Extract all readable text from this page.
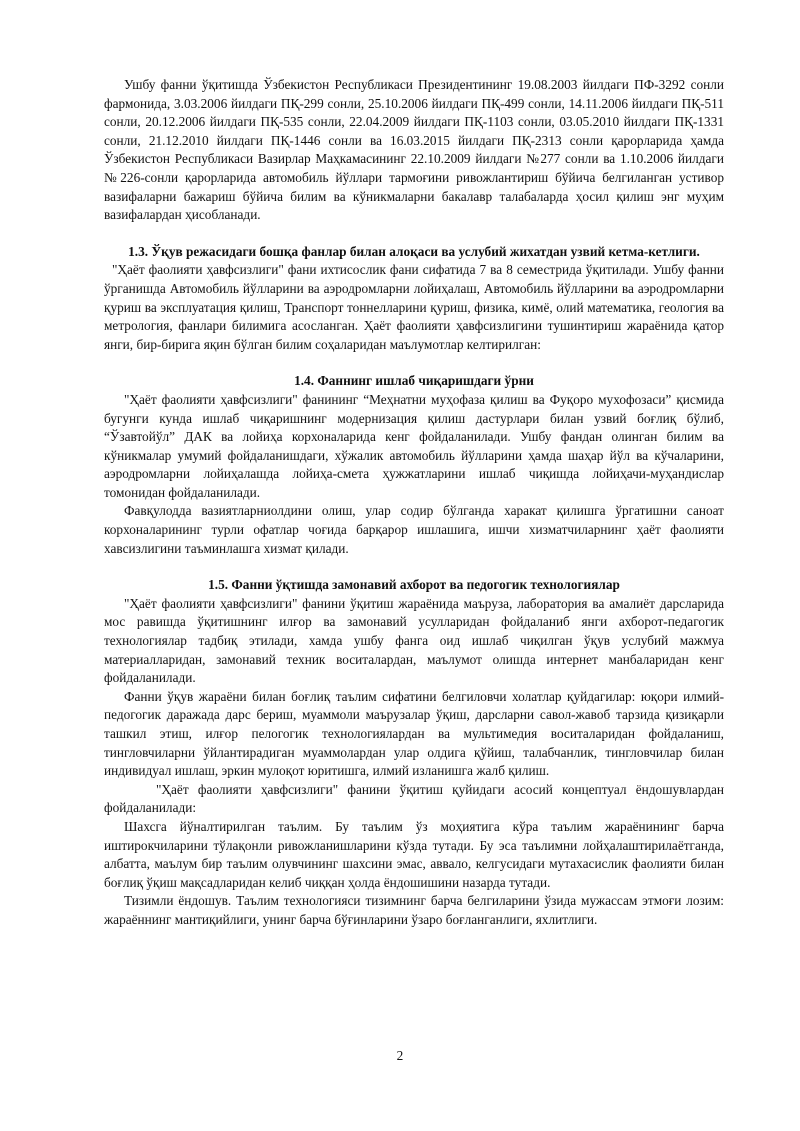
Ушбу фанни ўқитишда Ўзбекистон Республикаси Президентининг 19.08.2003 йилдаги ПФ-3292 сонли фармонида, 3.03.2006 йилдаги ПҚ-299 сонли, 25.10.2006 йилдаги ПҚ-499 сонли, 14.11.2006 йилдаги ПҚ-511 сонли, 20.12.2006 йилдаги ПҚ-535 сонли, 22.04.2009 йилдаги ПҚ-1103 сонли, 03.05.2010 йилдаги ПҚ-1331 сонли, 21.12.2010 йилдаги ПҚ-1446 сонли ва 16.03.2015 йилдаги ПҚ-2313 сонли қарорларида ҳамда Ўзбекистон Республикаси Вазирлар Маҳкамасининг 22.10.2009 йилдаги №277 сонли ва 1.10.2006 йилдаги №226-сонли қарорларида автомобиль йўллари тармоғини ривожлантириш бўйича белгиланган устивор вазифаларни бажариш бўйича билим ва кўникмаларни бакалавр талабаларда ҳосил қилиш энг муҳим вазифалардан ҳисобланади.

1.3. Ўқув режасидаги бошқа фанлар билан алоқаси ва услубий жихатдан узвий кетма-кетлиги.

"Ҳаёт фаолияти ҳавфсизлиги" фани ихтисослик фани сифатида 7 ва 8 семестрида ўқитилади. Ушбу фанни ўрганишда Автомобиль йўлларини ва аэродромларни лойиҳалаш, Автомобиль йўлларини ва аэродромларни қуриш ва эксплуатация қилиш, Транспорт тоннелларини қуриш, физика, кимё, олий математика, геология ва метрология, фанлари билимига асосланган. Ҳаёт фаолияти ҳавфсизлигини тушинтириш жараёнида қатор янги, бир-бирига яқин бўлган билим соҳаларидан маълумотлар келтирилган:

1.4. Фаннинг ишлаб чиқаришдаги ўрни

"Ҳаёт фаолияти ҳавфсизлиги" фанининг “Меҳнатни муҳофаза қилиш ва Фуқоро мухофозаси” қисмида бугунги кунда ишлаб чиқаришнинг модернизация қилиш дастурлари билан узвий боғлиқ бўлиб, “Ўзавтойўл” ДАК ва лойиҳа корхоналарида кенг фойдаланилади. Ушбу фандан олинган билим ва кўникмалар умумий фойдаланишдаги, хўжалик автомобиль йўлларини ҳамда шаҳар йўл ва кўчаларини, аэродромларни лойиҳалашда лойиҳа-смета ҳужжатларини ишлаб чиқишда лойиҳачи-муҳандислар томонидан фойдаланилади.

Фавқулодда вазиятларниолдини олиш, улар содир бўлганда харакат қилишга ўргатишни саноат корхоналарининг турли офатлар чоғида барқарор ишлашига, ишчи хизматчиларнинг ҳаёт фаолияти хавсизлигини таъминлашга хизмат қилади.

1.5. Фанни ўқтишда замонавий ахборот ва педогогик технологиялар

"Ҳаёт фаолияти ҳавфсизлиги" фанини ўқитиш жараёнида маъруза, лаборатория ва амалиёт дарсларида мос равишда ўқитишнинг илғор ва замонавий усулларидан фойдаланиб янги ахборот-педагогик технологиялар тадбиқ этилади, хамда ушбу фанга оид ишлаб чиқилган ўқув услубий мажмуа материалларидан, замонавий техник воситалардан, маълумот олишда интернет манбаларидан кенг фойдаланилади.

Фанни ўқув жараёни билан боғлиқ таълим сифатини белгиловчи холатлар қуйдагилар: юқори илмий-педогогик даражада дарс бериш, муаммоли маърузалар ўқиш, дарсларни савол-жавоб тарзида қизиқарли ташкил этиш, илғор пелогогик технологиялардан ва мультимедия воситаларидан фойдаланиш, тингловчиларни ўйлантирадиган муаммолардан улар олдига қўйиш, талабчанлик, тингловчилар билан индивидуал ишлаш, эркин мулоқот юритишга, илмий изланишга жалб қилиш.

"Ҳаёт фаолияти ҳавфсизлиги" фанини ўқитиш қуйидаги асосий концептуал ёндошувлардан фойдаланилади:

Шахсга йўналтирилган таълим. Бу таълим ўз моҳиятига кўра таълим жараёнининг барча иштирокчиларини тўлақонли ривожланишларини кўзда тутади. Бу эса таълимни лойҳалаштирилаётганда, албатта, маълум бир таълим олувчининг шахсини эмас, аввало, келгусидаги мутахасислик фаолияти билан боғлиқ ўқиш мақсадларидан келиб чиққан ҳолда ёндошишини назарда тутади.

Тизимли ёндошув. Таълим технологияси тизимнинг барча белгиларини ўзида мужассам этмоғи лозим: жараённинг мантиқийлиги, унинг барча бўғинларини ўзаро боғланганлиги, яхлитлиги.

2
